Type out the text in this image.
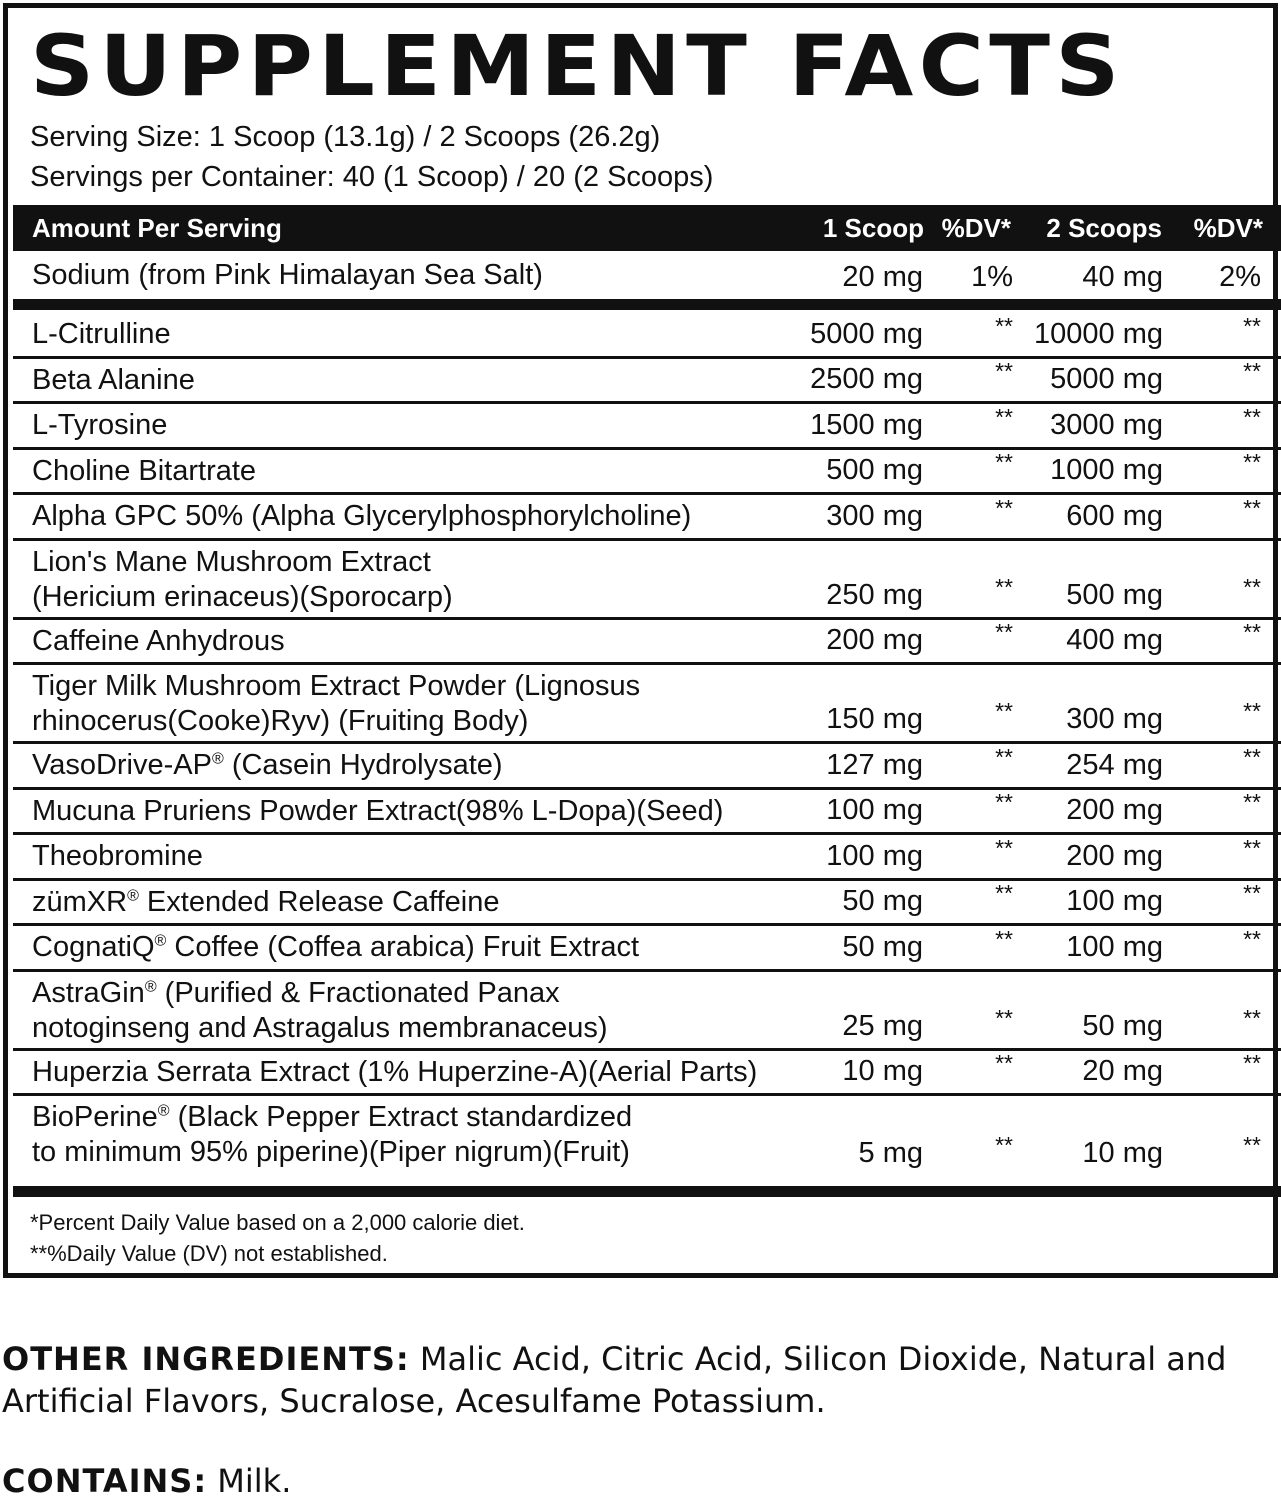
SUPPLEMENT FACTS
Serving Size: 1 Scoop (13.1g) / 2 Scoops (26.2g)
Servings per Container: 40 (1 Scoop) / 20 (2 Scoops)
Amount Per Serving	1 Scoop %DV* 2 Scoops %DV*
Sodium (from Pink Himalayan Sea Salt)	20 mg 1% 40 mg 2%
L-Citrulline	5000 mg	** 10000 mg	**
Beta Alanine	2500 mg	** 5000 mg	**
L-Tyrosine	1500 mg	** 3000 mg	**
Choline Bitartrate	500 mg	** 1000 mg	**
Alpha GPC 50% (Alpha Glycerylphosphorylcholine)	300 mg	** 600 mg	**
Lion's Mane Mushroom Extract
(Hericium erinaceus)(Sporocarp)	250 mg	** 500 mg	**
Caffeine Anhydrous	200 mg	** 400 mg	**
Tiger Milk Mushroom Extract Powder (Lignosus
rhinocerus(Cooke)Ryv) (Fruiting Body)	150 mg	** 300 mg	**
VasoDrive-AP® (Casein Hydrolysate)	127 mg	** 254 mg	**
Mucuna Pruriens Powder Extract(98% L-Dopa)(Seed)	100 mg	** 200 mg	**
Theobromine	100 mg	** 200 mg	**
zümXR® Extended Release Caffeine	50 mg	** 100 mg	**
CognatiQ® Coffee (Coffea arabica) Fruit Extract	50 mg	** 100 mg	**
AstraGin® (Purified & Fractionated Panax
notoginseng and Astragalus membranaceus)	25 mg	** 50 mg	**
Huperzia Serrata Extract (1% Huperzine-A)(Aerial Parts)	10 mg	** 20 mg	**
BioPerine® (Black Pepper Extract standardized
to minimum 95% piperine)(Piper nigrum)(Fruit)	5 mg	** 10 mg	**
*Percent Daily Value based on a 2,000 calorie diet.
**%Daily Value (DV) not established.
OTHER INGREDIENTS: Malic Acid, Citric Acid, Silicon Dioxide, Natural and Artificial Flavors, Sucralose, Acesulfame Potassium.
CONTAINS: Milk.
